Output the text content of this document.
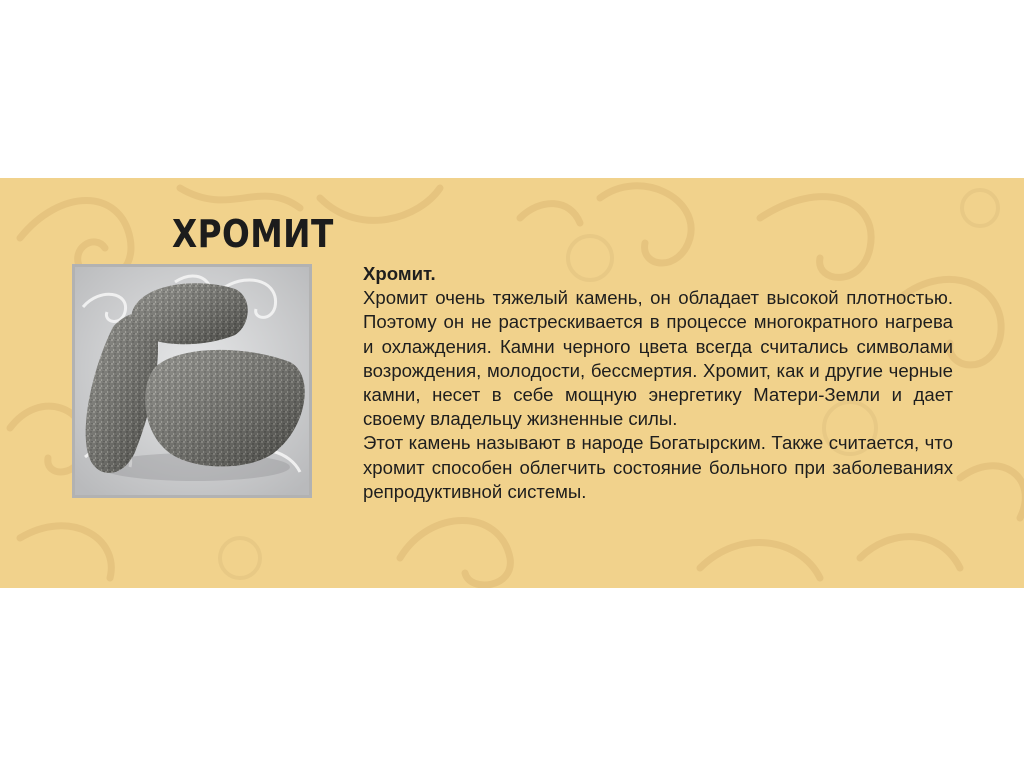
ХРОМИТ

Хромит.

Хромит очень тяжелый камень, он обладает высокой плотностью. Поэтому он не растрескивается в процессе многократного нагрева и охлаждения. Камни черного цвета всегда считались символами возрождения, молодости, бессмертия. Хромит, как и другие черные камни, несет в себе мощную энергетику Матери-Земли и дает своему владельцу жизненные силы.

Этот камень называют в народе Богатырским. Также считается, что хромит способен облегчить состояние больного при заболеваниях репродуктивной системы.
